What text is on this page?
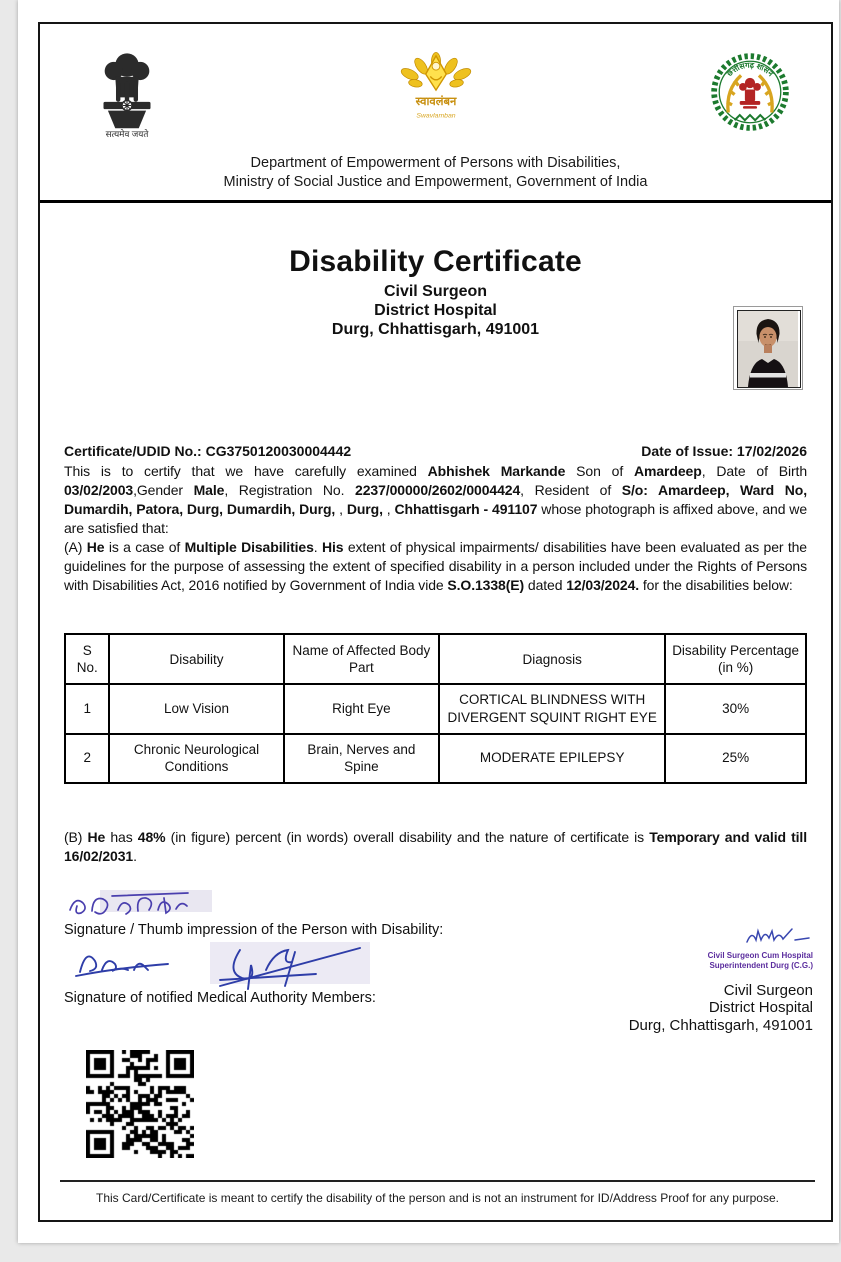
सत्यमेव जयते
स्वावलंबन
Swavlamban
छत्तीसगढ़ शासन
Department of Empowerment of Persons with Disabilities,
Ministry of Social Justice and Empowerment, Government of India
Disability Certificate
Civil Surgeon
District Hospital
Durg, Chhattisgarh, 491001
Certificate/UDID No.: CG3750120030004442	Date of Issue: 17/02/2026
This is to certify that we have carefully examined Abhishek Markande Son of Amardeep, Date of Birth 03/02/2003,Gender Male, Registration No. 2237/00000/2602/0004424, Resident of S/o: Amardeep, Ward No, Dumardih, Patora, Durg, Dumardih, Durg, , Durg, , Chhattisgarh - 491107 whose photograph is affixed above, and we are satisfied that:
(A) He is a case of Multiple Disabilities. His extent of physical impairments/ disabilities have been evaluated as per the guidelines for the purpose of assessing the extent of specified disability in a person included under the Rights of Persons with Disabilities Act, 2016 notified by Government of India vide S.O.1338(E) dated 12/03/2024. for the disabilities below:
S No.	Disability	Name of Affected Body Part	Diagnosis	Disability Percentage (in %)
1	Low Vision	Right Eye	CORTICAL BLINDNESS WITH DIVERGENT SQUINT RIGHT EYE	30%
2	Chronic Neurological Conditions	Brain, Nerves and Spine	MODERATE EPILEPSY	25%
(B) He has 48% (in figure) percent (in words) overall disability and the nature of certificate is Temporary and valid till 16/02/2031.
Signature / Thumb impression of the Person with Disability:
Signature of notified Medical Authority Members:
Civil Surgeon Cum Hospital
Superintendent Durg (C.G.)
Civil Surgeon
District Hospital
Durg, Chhattisgarh, 491001
This Card/Certificate is meant to certify the disability of the person and is not an instrument for ID/Address Proof for any purpose.
